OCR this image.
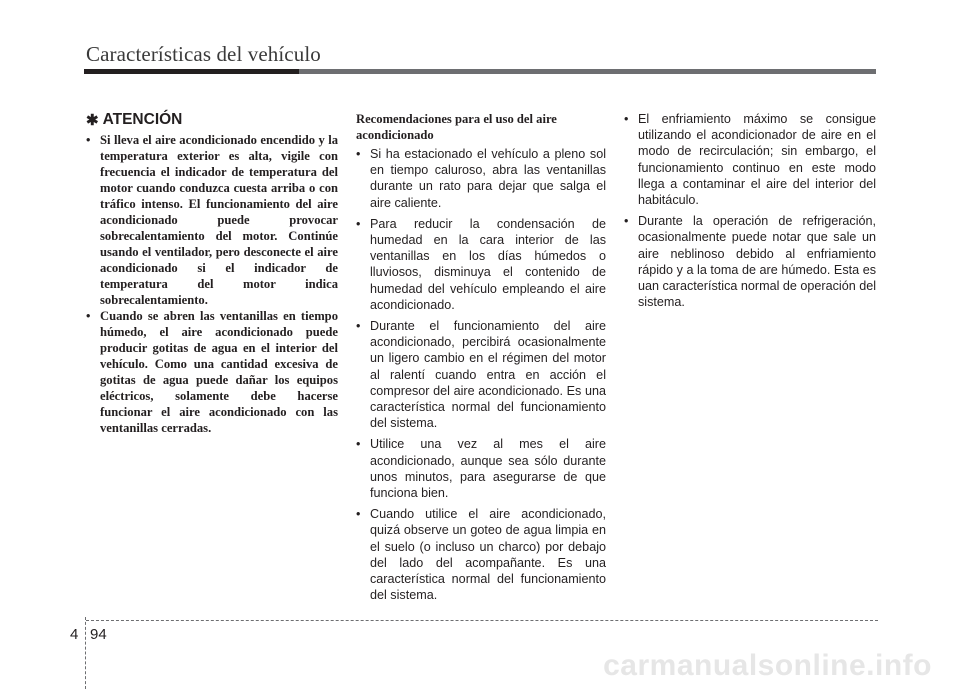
Características del vehículo
✱ ATENCIÓN
• Si lleva el aire acondicionado encendido y la temperatura exterior es alta, vigile con frecuencia el indicador de temperatura del motor cuando conduzca cuesta arriba o con tráfico intenso. El funcionamiento del aire acondicionado puede provocar sobrecalentamiento del motor. Continúe usando el ventilador, pero desconecte el aire acondicionado si el indicador de temperatura del motor indica sobrecalentamiento.
• Cuando se abren las ventanillas en tiempo húmedo, el aire acondicionado puede producir gotitas de agua en el interior del vehículo. Como una cantidad excesiva de gotitas de agua puede dañar los equipos eléctricos, solamente debe hacerse funcionar el aire acondicionado con las ventanillas cerradas.
Recomendaciones para el uso del aire acondicionado
• Si ha estacionado el vehículo a pleno sol en tiempo caluroso, abra las ventanillas durante un rato para dejar que salga el aire caliente.
• Para reducir la condensación de humedad en la cara interior de las ventanillas en los días húmedos o lluviosos, disminuya el contenido de humedad del vehículo empleando el aire acondicionado.
• Durante el funcionamiento del aire acondicionado, percibirá ocasionalmente un ligero cambio en el régimen del motor al ralentí cuando entra en acción el compresor del aire acondicionado. Es una característica normal del funcionamiento del sistema.
• Utilice una vez al mes el aire acondicionado, aunque sea sólo durante unos minutos, para asegurarse de que funciona bien.
• Cuando utilice el aire acondicionado, quizá observe un goteo de agua limpia en el suelo (o incluso un charco) por debajo del lado del acompañante. Es una característica normal del funcionamiento del sistema.
• El enfriamiento máximo se consigue utilizando el acondicionador de aire en el modo de recirculación; sin embargo, el funcionamiento continuo en este modo llega a contaminar el aire del interior del habitáculo.
• Durante la operación de refrigeración, ocasionalmente puede notar que sale un aire neblinoso debido al enfriamiento rápido y a la toma de are húmedo. Esta es uan característica normal de operación del sistema.
4 94
carmanualsonline.info
